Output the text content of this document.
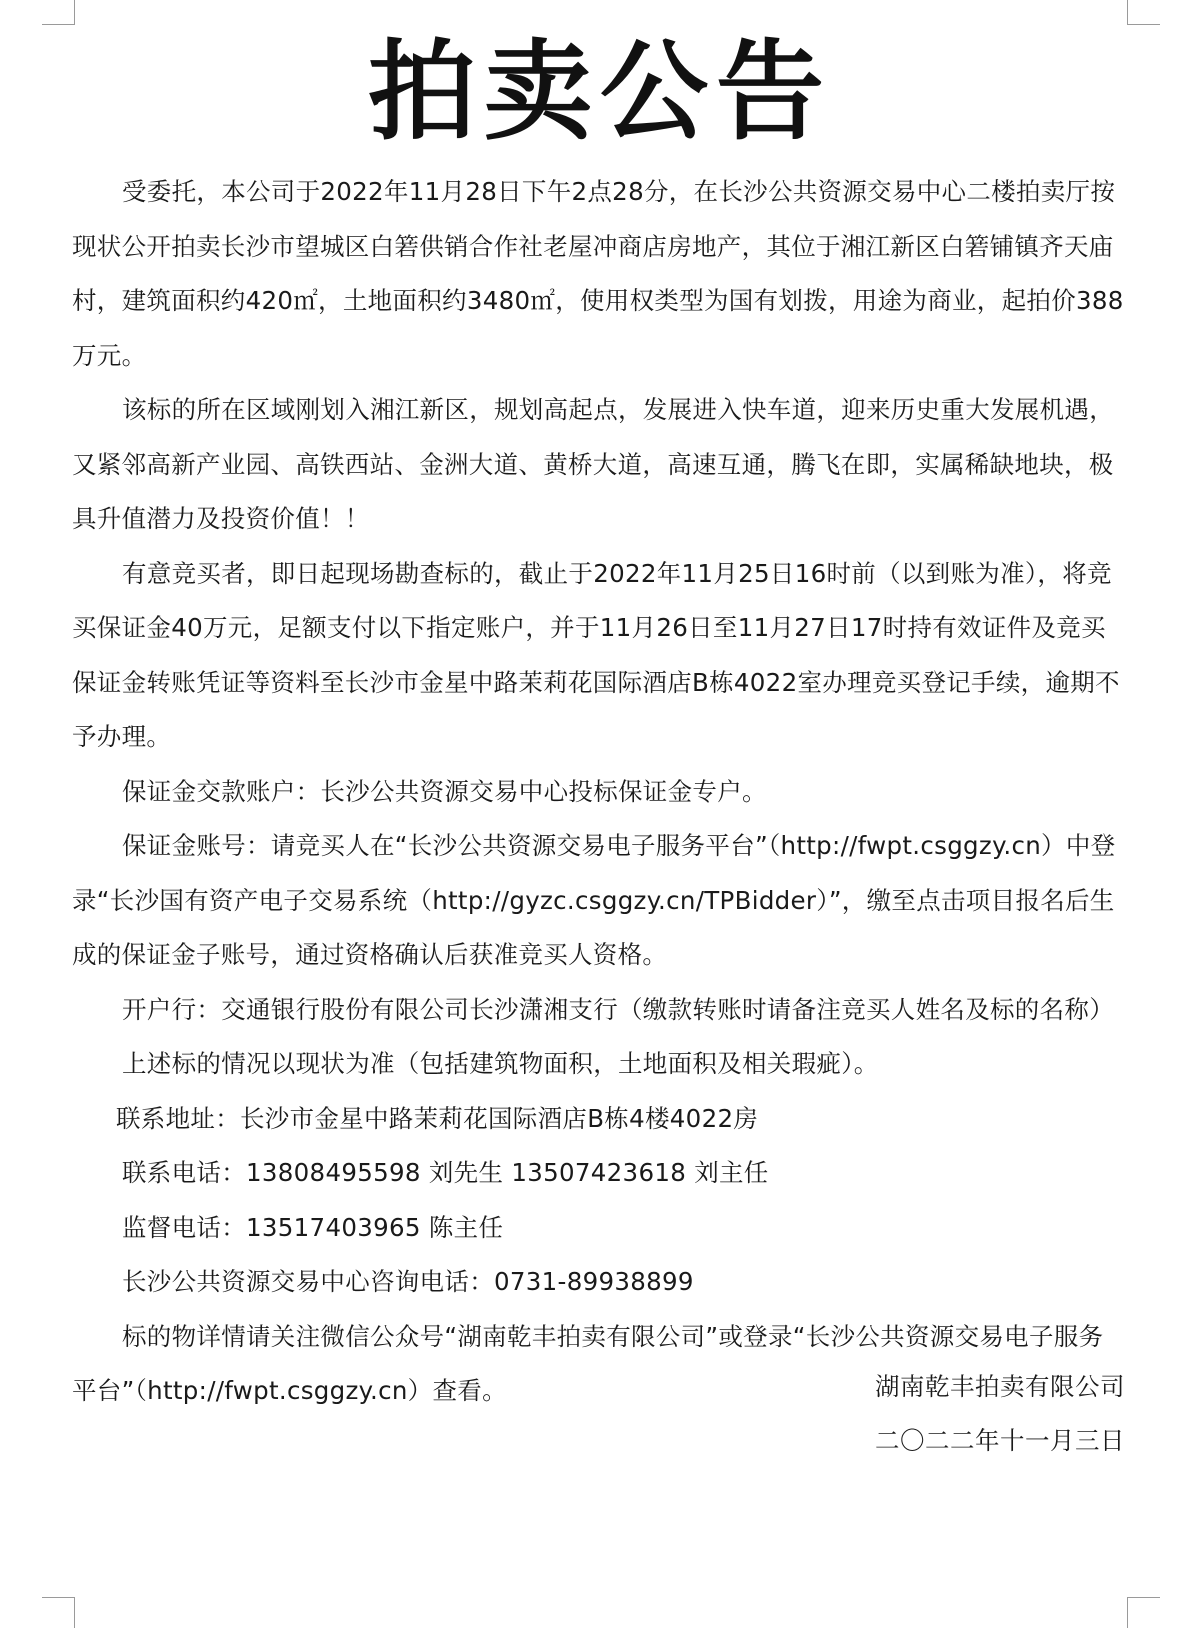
拍卖公告

受委托，本公司于2022年11月28日下午2点28分，在长沙公共资源交易中心二楼拍卖厅按现状公开拍卖长沙市望城区白箬供销合作社老屋冲商店房地产，其位于湘江新区白箬铺镇齐天庙村，建筑面积约420㎡，土地面积约3480㎡，使用权类型为国有划拨，用途为商业，起拍价388万元。

该标的所在区域刚划入湘江新区，规划高起点，发展进入快车道，迎来历史重大发展机遇，又紧邻高新产业园、高铁西站、金洲大道、黄桥大道，高速互通，腾飞在即，实属稀缺地块，极具升值潜力及投资价值！！

有意竞买者，即日起现场勘查标的，截止于2022年11月25日16时前（以到账为准），将竞买保证金40万元，足额支付以下指定账户，并于11月26日至11月27日17时持有效证件及竞买保证金转账凭证等资料至长沙市金星中路茉莉花国际酒店B栋4022室办理竞买登记手续，逾期不予办理。

保证金交款账户：长沙公共资源交易中心投标保证金专户。

保证金账号：请竞买人在“长沙公共资源交易电子服务平台”（http://fwpt.csggzy.cn）中登录“长沙国有资产电子交易系统（http://gyzc.csggzy.cn/TPBidder）”，缴至点击项目报名后生成的保证金子账号，通过资格确认后获准竞买人资格。

开户行：交通银行股份有限公司长沙潇湘支行（缴款转账时请备注竞买人姓名及标的名称）

上述标的情况以现状为准（包括建筑物面积，土地面积及相关瑕疵）。

联系地址：长沙市金星中路茉莉花国际酒店B栋4楼4022房

联系电话：13808495598 刘先生 13507423618 刘主任

监督电话：13517403965 陈主任

长沙公共资源交易中心咨询电话：0731-89938899

标的物详情请关注微信公众号“湖南乾丰拍卖有限公司”或登录“长沙公共资源交易电子服务平台”（http://fwpt.csggzy.cn）查看。	湖南乾丰拍卖有限公司
二〇二二年十一月三日
